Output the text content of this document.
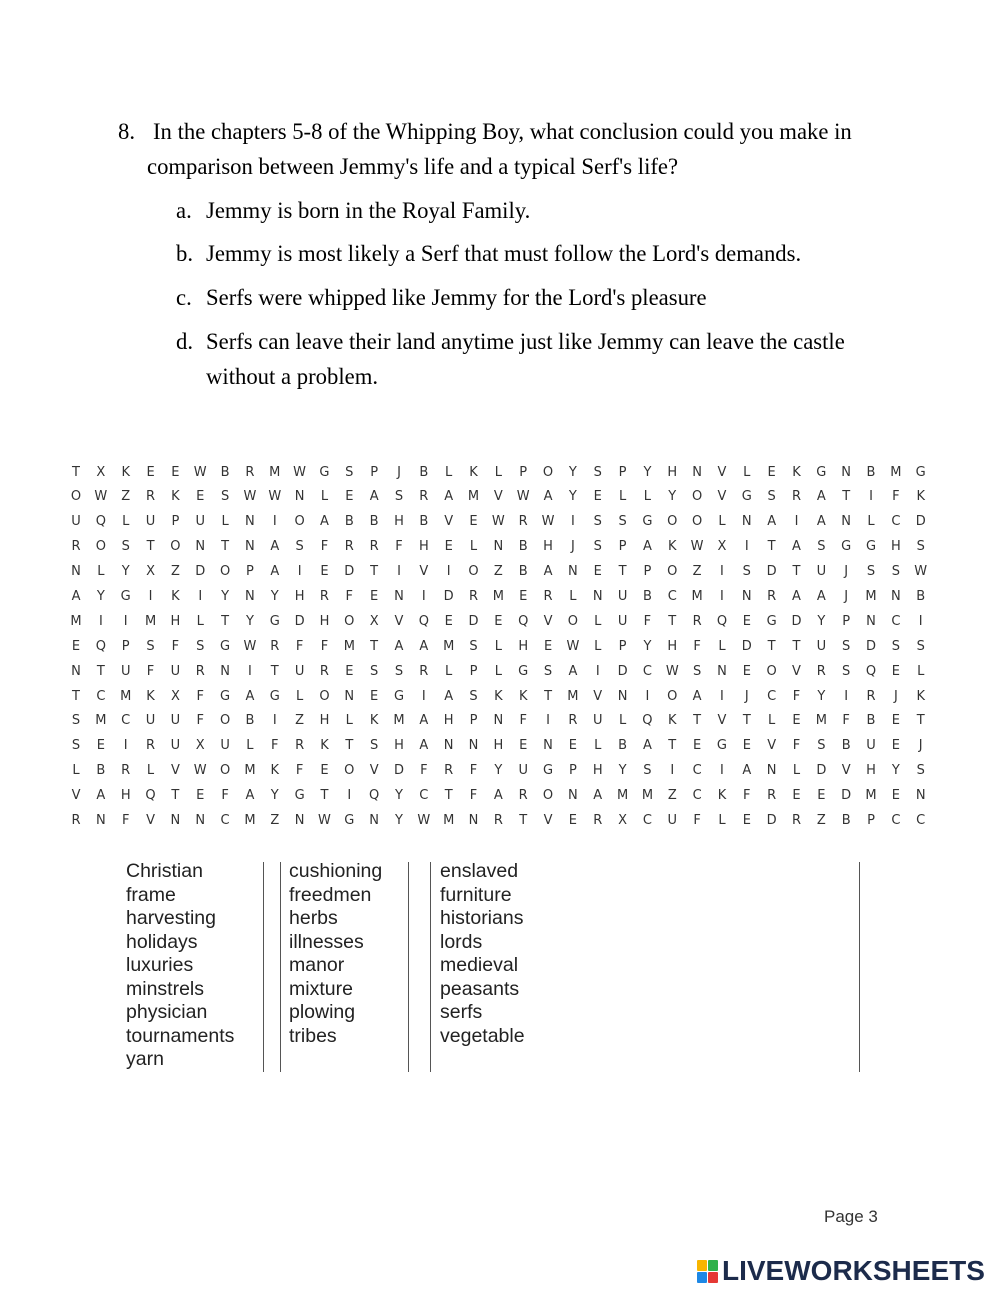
8. In the chapters 5-8 of the Whipping Boy, what conclusion could you make in comparison between Jemmy's life and a typical Serf's life?
a. Jemmy is born in the Royal Family.
b. Jemmy is most likely a Serf that must follow the Lord's demands.
c. Serfs were whipped like Jemmy for the Lord's pleasure
d. Serfs can leave their land anytime just like Jemmy can leave the castle without a problem.
T	X	K	E	E	W	B	R	M W	G	S	P	J	B	L	K	L	P	O	Y	S	P	Y	H	N	V	L	E	K	G	N	B	M	G
O	W	Z	R	K	E	S	W W	N	L	E	A	S	R	A	M	V	W	A	Y	E	L	L	Y	O	V	G	S	R	A	T	I	F	K
U	Q	L	U	P	U	L	N	I	O	A	B	B	H	B	V	E	W	R	W	I	S	S	G	O	O	L	N	A	I	A	N	L	C	D
R	O	S	T	O	N	T	N	A	S	F	R	R	F	H	E	L	N	B	H	J	S	P	A	K	W	X	I	T	A	S	G	G	H	S
N	L	Y	X	Z	D	O	P	A	I	E	D	T	I	V	I	O	Z	B	A	N	E	T	P	O	Z	I	S	D	T	U	J	S	S	W
A	Y	G	I	K	I	Y	N	Y	H	R	F	E	N	I	D	R	M	E	R	L	N	U	B	C	M	I	N	R	A	A	J	M	N	B
M	I	I	M	H	L	T	Y	G	D	H	O	X	V	Q	E	D	E	Q	V	O	L	U	F	T	R	Q	E	G	D	Y	P	N	C	I
E	Q	P	S	F	S	G	W	R	F	F	M	T	A	A	M	S	L	H	E	W	L	P	Y	H	F	L	D	T	T	U	S	D	S	S
N	T	U	F	U	R	N	I	T	U	R	E	S	S	R	L	P	L	G	S	A	I	D	C	W	S	N	E	O	V	R	S	Q	E	L
T	C	M	K	X	F	G	A	G	L	O	N	E	G	I	A	S	K	K	T	M	V	N	I	O	A	I	J	C	F	Y	I	R	J	K
S	M	C	U	U	F	O	B	I	Z	H	L	K	M	A	H	P	N	F	I	R	U	L	Q	K	T	V	T	L	E	M	F	B	E	T
S	E	I	R	U	X	U	L	F	R	K	T	S	H	A	N	N	H	E	N	E	L	B	A	T	E	G	E	V	F	S	B	U	E	J
L	B	R	L	V	W	O	M	K	F	E	O	V	D	F	R	F	Y	U	G	P	H	Y	S	I	C	I	A	N	L	D	V	H	Y	S
V	A	H	Q	T	E	F	A	Y	G	T	I	Q	Y	C	T	F	A	R	O	N	A	M	M	Z	C	K	F	R	E	E	D	M	E	N
R	N	F	V	N	N	C	M	Z	N	W	G	N	Y	W M	N	R	T	V	E	R	X	C	U	F	L	E	D	R	Z	B	P	C	C
Christian
frame
harvesting
holidays
luxuries
minstrels
physician
tournaments
yarn
cushioning
freedmen
herbs
illnesses
manor
mixture
plowing
tribes
enslaved
furniture
historians
lords
medieval
peasants
serfs
vegetable
Page 3
LIVEWORKSHEETS
